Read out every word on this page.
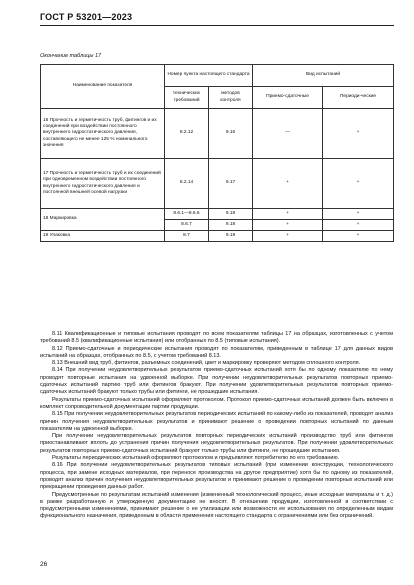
ГОСТ Р 53201—2023
Окончание таблицы 17
Наименование показателя	Номер пункта настоящего стандарта		Вид испытаний	
	технических требований	методов контроля	Приемо-сдаточные	Периоди-ческие
16 Прочность и герметичность труб, фитингов и их соединений при воздействии постоянного внутреннего гидростатического давления, составляющего не менее 125 % номинального значения	8.2.12	9.16	—	+
17 Прочность и герметичность труб и их соединений при одновременном воздействии постоянного внутреннего гидростатического давления и постоянной внешней осевой нагрузки	8.2.14	9.17	+	+
18 Маркировка	8.6.1—8.6.6	9.18	+	+
	8.6.7	9.18	+	+
19 Упаковка	8.7	9.19	+	+

8.11 Квалификационные и типовые испытания проводят по всем показателям таблицы 17 на образцах, изготовленных с учетом требований 8.5 (квалификационные испытания) или отобранных по 8.5 (типовые испытания).

8.12 Приемо-сдаточные и периодические испытания проводят по показателям, приведенным в таблице 17 для данных видов испытаний на образцах, отобранных по 8.5, с учетом требований 8.13.

8.13 Внешний вид труб, фитингов, разъемных соединений, цвет и маркировку проверяют методом сплошного контроля.

8.14 При получении неудовлетворительных результатов приемо-сдаточных испытаний хотя бы по одному показателю по нему проводят повторные испытания на удвоенной выборке. При получении неудовлетворительных результатов повторных приемо-сдаточных испытаний партию труб или фитингов бракуют. При получении удовлетворительных результатов повторных приемо-сдаточных испытаний бракуют только трубы или фитинги, не прошедшие испытания.

Результаты приемо-сдаточных испытаний оформляют протоколом. Протокол приемо-сдаточных испытаний должен быть включен в комплект сопроводительной документации партии продукции.

8.15 При получении неудовлетворительных результатов периодических испытаний по какому-либо из показателей, проводят анализ причин получения неудовлетворительных результатов и принимают решение о проведении повторных испытаний по данным показателям на удвоенной выборке.

При получении неудовлетворительных результатов повторных периодических испытаний производство труб или фитингов приостанавливают вплоть до устранения причин получения неудовлетворительных результатов. При получении удовлетворительных результатов повторных приемо-сдаточных испытаний бракуют только трубы или фитинги, не прошедшие испытания.

Результаты периодических испытаний оформляют протоколом и предъявляют потребителю по его требованию.

8.16 При получении неудовлетворительных результатов типовых испытаний (при изменении конструкции, технологического процесса, при замене исходных материалов, при переносе производства на другое предприятие) хотя бы по одному из показателей, проводят анализ причин получения неудовлетворительных результатов и принимают решение о проведении повторных испытаний или прекращении проведения данных работ.

Предусмотренные по результатам испытаний изменения (измененный технологический процесс, иные исходные материалы и т. д.) в рамке разработанную и утвержденную документацию не вносят. В отношении продукции, изготовленной в соответствии с предусмотренными изменениями, принимают решение о ее утилизации или возможности ее использования по определенным видам функционального назначения, приведенным в области применения настоящего стандарта с ограничениями или без ограничений.

26
